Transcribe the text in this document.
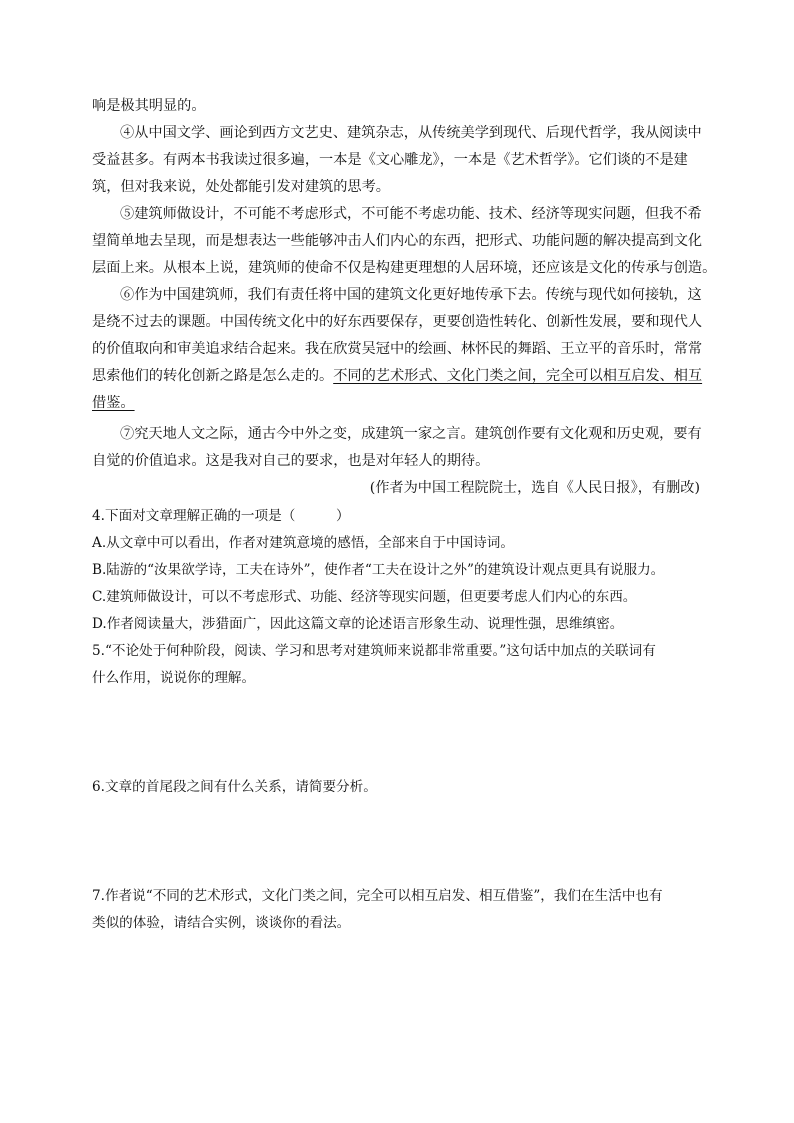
响是极其明显的。
④从中国文学、画论到西方文艺史、建筑杂志，从传统美学到现代、后现代哲学，我从阅读中
受益甚多。有两本书我读过很多遍，一本是《文心雕龙》，一本是《艺术哲学》。它们谈的不是建
筑，但对我来说，处处都能引发对建筑的思考。
⑤建筑师做设计，不可能不考虑形式，不可能不考虑功能、技术、经济等现实问题，但我不希
望简单地去呈现，而是想表达一些能够冲击人们内心的东西，把形式、功能问题的解决提高到文化
层面上来。从根本上说，建筑师的使命不仅是构建更理想的人居环境，还应该是文化的传承与创造。
⑥作为中国建筑师，我们有责任将中国的建筑文化更好地传承下去。传统与现代如何接轨，这
是绕不过去的课题。中国传统文化中的好东西要保存，更要创造性转化、创新性发展，要和现代人
的价值取向和审美追求结合起来。我在欣赏吴冠中的绘画、林怀民的舞蹈、王立平的音乐时，常常
思索他们的转化创新之路是怎么走的。不同的艺术形式、文化门类之间，完全可以相互启发、相互
借鉴。
⑦究天地人文之际，通古今中外之变，成建筑一家之言。建筑创作要有文化观和历史观，要有
自觉的价值追求。这是我对自己的要求，也是对年轻人的期待。
(作者为中国工程院院士，选自《人民日报》，有删改)
4.下面对文章理解正确的一项是（　　　）
A.从文章中可以看出，作者对建筑意境的感悟，全部来自于中国诗词。
B.陆游的“汝果欲学诗，工夫在诗外”，使作者“工夫在设计之外”的建筑设计观点更具有说服力。
C.建筑师做设计，可以不考虑形式、功能、经济等现实问题，但更要考虑人们内心的东西。
D.作者阅读量大，涉猎面广，因此这篇文章的论述语言形象生动、说理性强，思维缜密。
5.“不论处于何种阶段，阅读、学习和思考对建筑师来说都非常重要。”这句话中加点的关联词有
什么作用，说说你的理解。
6.文章的首尾段之间有什么关系，请简要分析。
7.作者说“不同的艺术形式，文化门类之间，完全可以相互启发、相互借鉴”，我们在生活中也有
类似的体验，请结合实例，谈谈你的看法。
